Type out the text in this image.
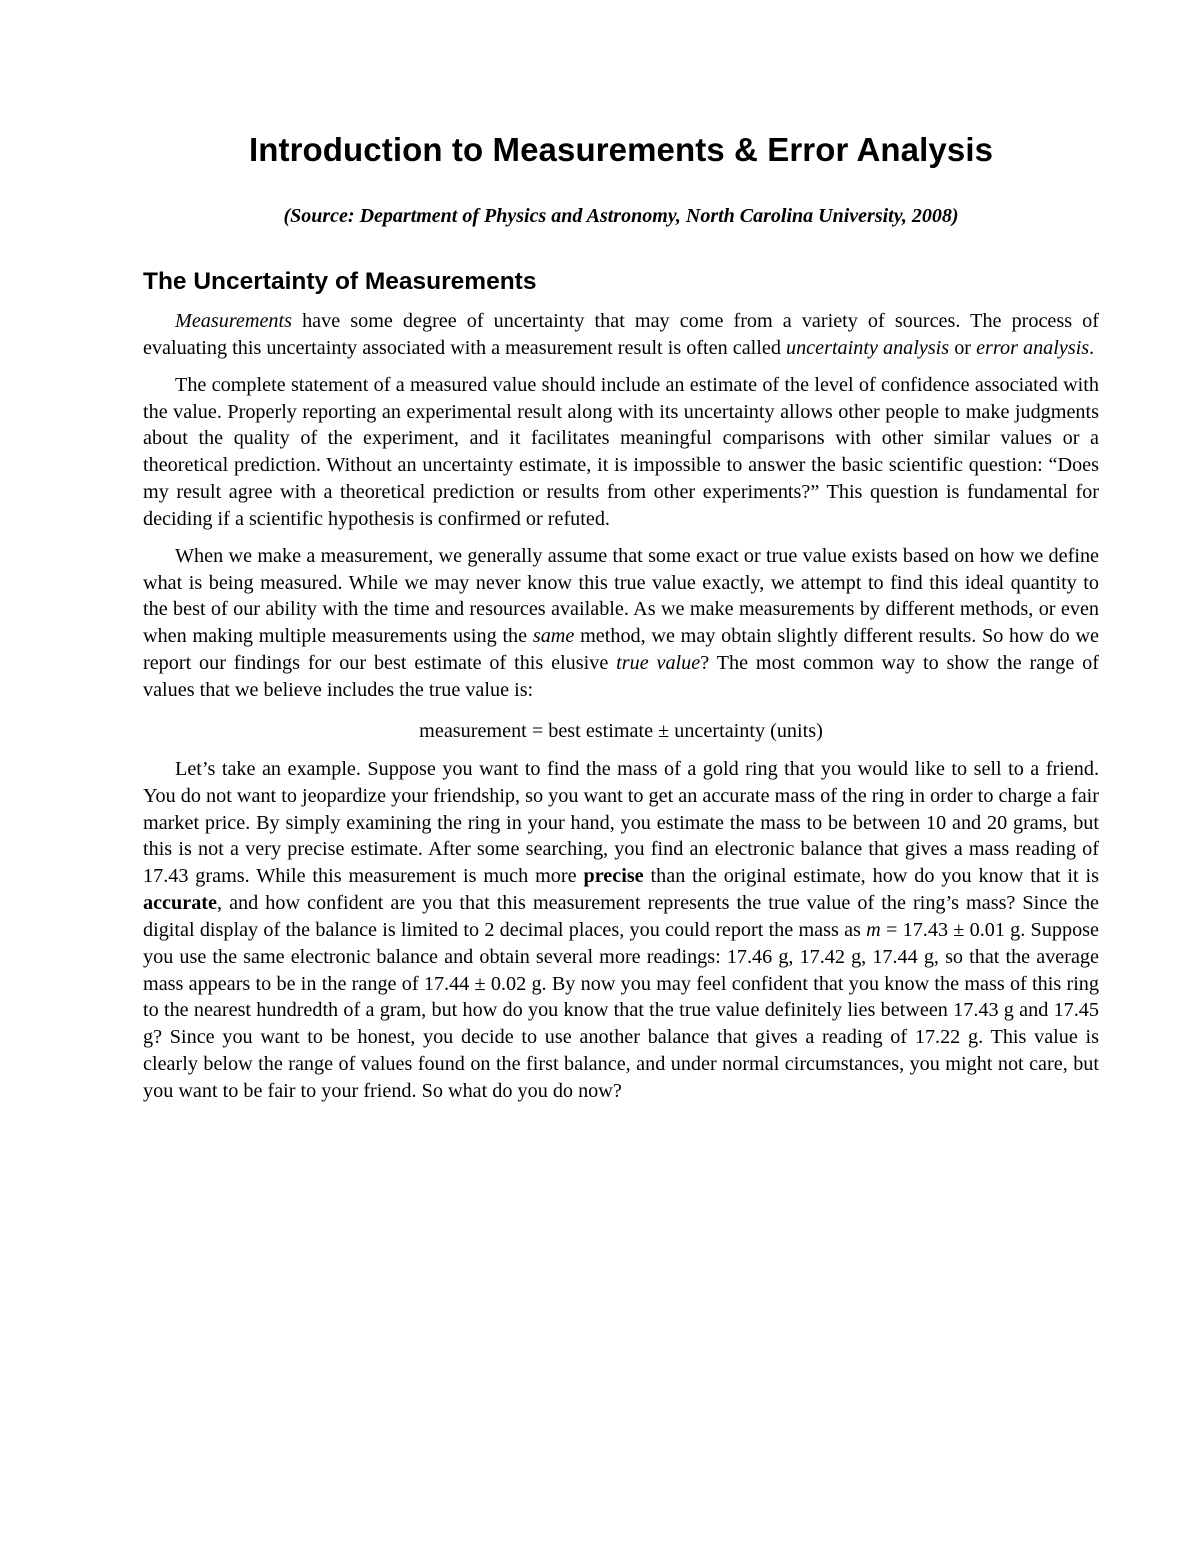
Introduction to Measurements & Error Analysis

(Source: Department of Physics and Astronomy, North Carolina University, 2008)

The Uncertainty of Measurements

Measurements have some degree of uncertainty that may come from a variety of sources. The process of evaluating this uncertainty associated with a measurement result is often called uncertainty analysis or error analysis.

The complete statement of a measured value should include an estimate of the level of confidence associated with the value. Properly reporting an experimental result along with its uncertainty allows other people to make judgments about the quality of the experiment, and it facilitates meaningful comparisons with other similar values or a theoretical prediction. Without an uncertainty estimate, it is impossible to answer the basic scientific question: “Does my result agree with a theoretical prediction or results from other experiments?” This question is fundamental for deciding if a scientific hypothesis is confirmed or refuted.

When we make a measurement, we generally assume that some exact or true value exists based on how we define what is being measured. While we may never know this true value exactly, we attempt to find this ideal quantity to the best of our ability with the time and resources available. As we make measurements by different methods, or even when making multiple measurements using the same method, we may obtain slightly different results. So how do we report our findings for our best estimate of this elusive true value? The most common way to show the range of values that we believe includes the true value is:

measurement = best estimate ± uncertainty (units)

Let’s take an example. Suppose you want to find the mass of a gold ring that you would like to sell to a friend. You do not want to jeopardize your friendship, so you want to get an accurate mass of the ring in order to charge a fair market price. By simply examining the ring in your hand, you estimate the mass to be between 10 and 20 grams, but this is not a very precise estimate. After some searching, you find an electronic balance that gives a mass reading of 17.43 grams. While this measurement is much more precise than the original estimate, how do you know that it is accurate, and how confident are you that this measurement represents the true value of the ring’s mass? Since the digital display of the balance is limited to 2 decimal places, you could report the mass as m = 17.43 ± 0.01 g. Suppose you use the same electronic balance and obtain several more readings: 17.46 g, 17.42 g, 17.44 g, so that the average mass appears to be in the range of 17.44 ± 0.02 g. By now you may feel confident that you know the mass of this ring to the nearest hundredth of a gram, but how do you know that the true value definitely lies between 17.43 g and 17.45 g? Since you want to be honest, you decide to use another balance that gives a reading of 17.22 g. This value is clearly below the range of values found on the first balance, and under normal circumstances, you might not care, but you want to be fair to your friend. So what do you do now?
